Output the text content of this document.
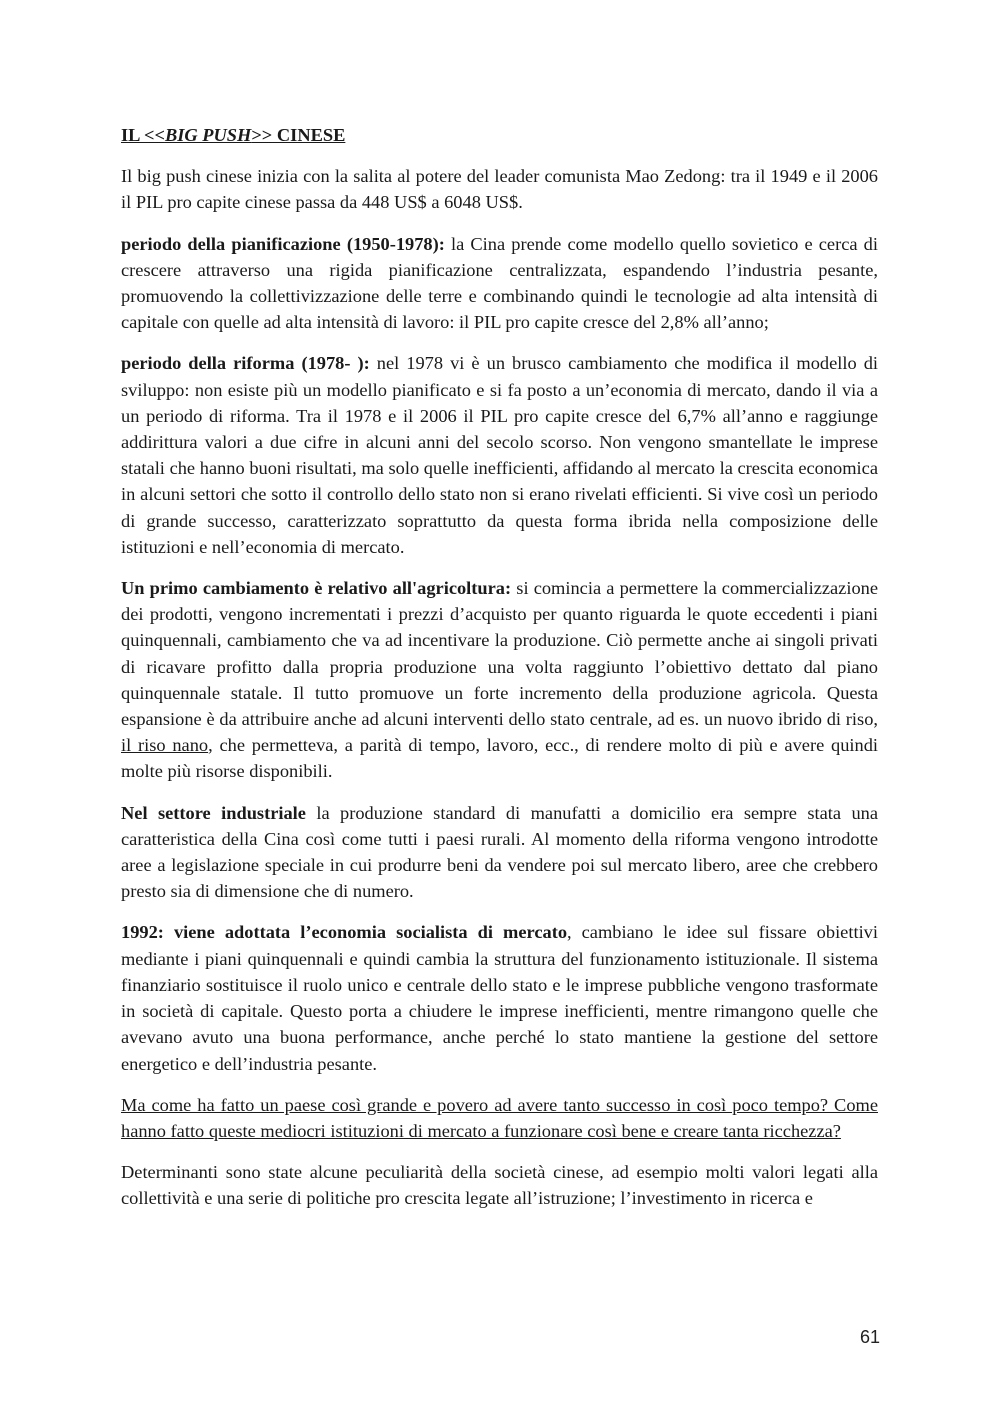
IL <<BIG PUSH>> CINESE

Il big push cinese inizia con la salita al potere del leader comunista Mao Zedong: tra il 1949 e il 2006 il PIL pro capite cinese passa da 448 US$ a 6048 US$.

periodo della pianificazione (1950-1978): la Cina prende come modello quello sovietico e cerca di crescere attraverso una rigida pianificazione centralizzata, espandendo l’industria pesante, promuovendo la collettivizzazione delle terre e combinando quindi le tecnologie ad alta intensità di capitale con quelle ad alta intensità di lavoro: il PIL pro capite cresce del 2,8% all’anno;

periodo della riforma (1978- ): nel 1978 vi è un brusco cambiamento che modifica il modello di sviluppo: non esiste più un modello pianificato e si fa posto a un’economia di mercato, dando il via a un periodo di riforma. Tra il 1978 e il 2006 il PIL pro capite cresce del 6,7% all’anno e raggiunge addirittura valori a due cifre in alcuni anni del secolo scorso. Non vengono smantellate le imprese statali che hanno buoni risultati, ma solo quelle inefficienti, affidando al mercato la crescita economica in alcuni settori che sotto il controllo dello stato non si erano rivelati efficienti. Si vive così un periodo di grande successo, caratterizzato soprattutto da questa forma ibrida nella composizione delle istituzioni e nell’economia di mercato.

Un primo cambiamento è relativo all'agricoltura: si comincia a permettere la commercializzazione dei prodotti, vengono incrementati i prezzi d’acquisto per quanto riguarda le quote eccedenti i piani quinquennali, cambiamento che va ad incentivare la produzione. Ciò permette anche ai singoli privati di ricavare profitto dalla propria produzione una volta raggiunto l’obiettivo dettato dal piano quinquennale statale. Il tutto promuove un forte incremento della produzione agricola. Questa espansione è da attribuire anche ad alcuni interventi dello stato centrale, ad es. un nuovo ibrido di riso, il riso nano, che permetteva, a parità di tempo, lavoro, ecc., di rendere molto di più e avere quindi molte più risorse disponibili.

Nel settore industriale la produzione standard di manufatti a domicilio era sempre stata una caratteristica della Cina così come tutti i paesi rurali. Al momento della riforma vengono introdotte aree a legislazione speciale in cui produrre beni da vendere poi sul mercato libero, aree che crebbero presto sia di dimensione che di numero.

1992: viene adottata l’economia socialista di mercato, cambiano le idee sul fissare obiettivi mediante i piani quinquennali e quindi cambia la struttura del funzionamento istituzionale. Il sistema finanziario sostituisce il ruolo unico e centrale dello stato e le imprese pubbliche vengono trasformate in società di capitale. Questo porta a chiudere le imprese inefficienti, mentre rimangono quelle che avevano avuto una buona performance, anche perché lo stato mantiene la gestione del settore energetico e dell’industria pesante.

Ma come ha fatto un paese così grande e povero ad avere tanto successo in così poco tempo? Come hanno fatto queste mediocri istituzioni di mercato a funzionare così bene e creare tanta ricchezza?

Determinanti sono state alcune peculiarità della società cinese, ad esempio molti valori legati alla collettività e una serie di politiche pro crescita legate all’istruzione; l’investimento in ricerca e

61
